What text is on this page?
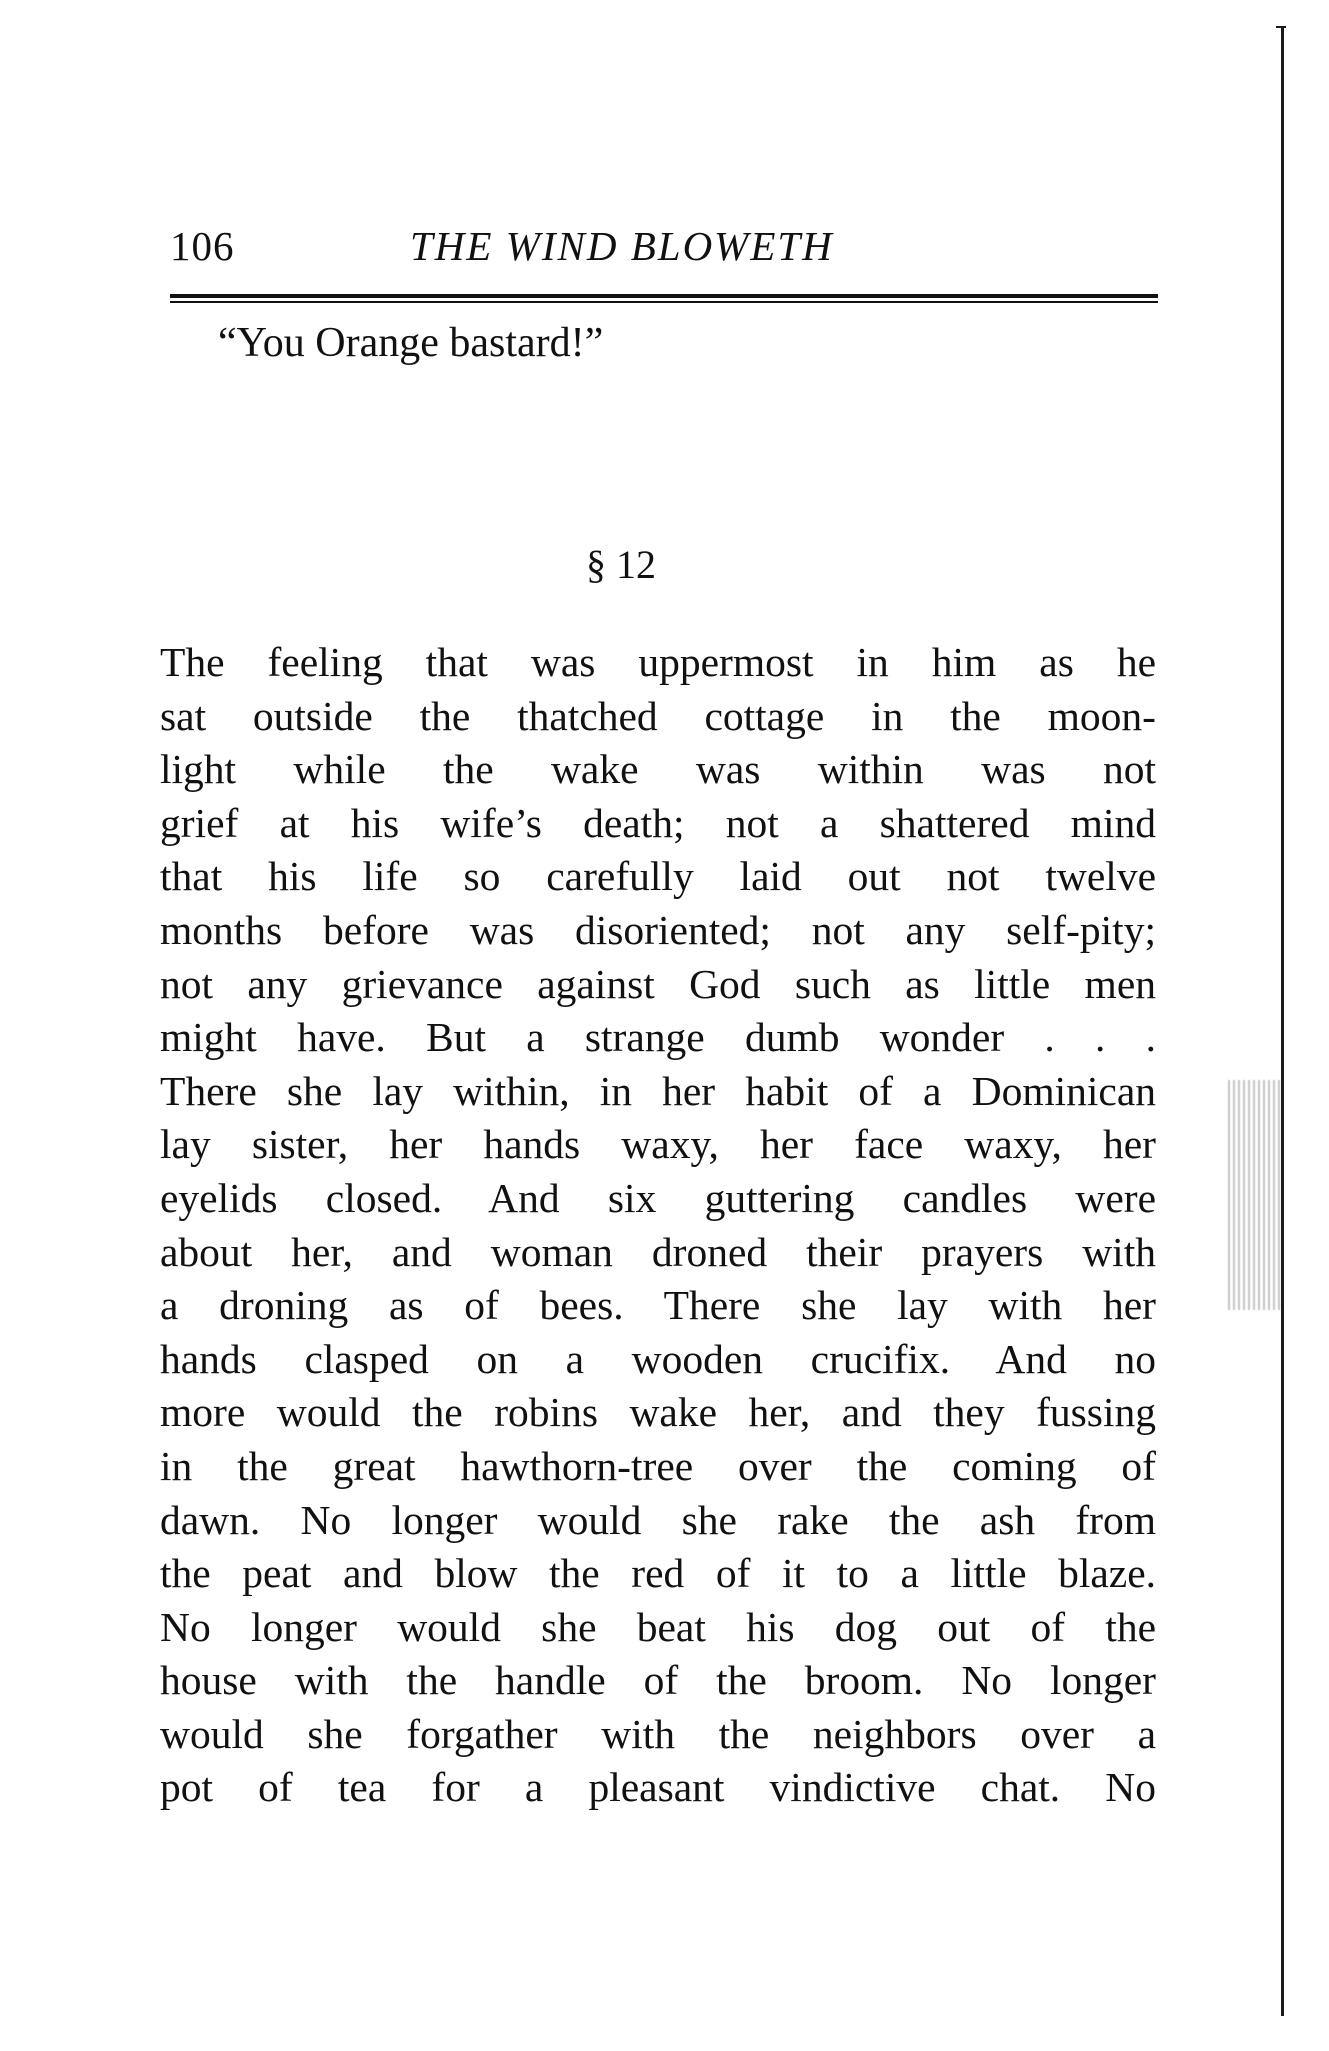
106	THE WIND BLOWETH
“You Orange bastard!”
§ 12
The feeling that was uppermost in him as he
sat outside the thatched cottage in the moon-
light while the wake was within was not
grief at his wife’s death; not a shattered mind
that his life so carefully laid out not twelve
months before was disoriented; not any self-pity;
not any grievance against God such as little men
might have. But a strange dumb wonder . . .
There she lay within, in her habit of a Dominican
lay sister, her hands waxy, her face waxy, her
eyelids closed. And six guttering candles were
about her, and woman droned their prayers with
a droning as of bees. There she lay with her
hands clasped on a wooden crucifix. And no
more would the robins wake her, and they fussing
in the great hawthorn-tree over the coming of
dawn. No longer would she rake the ash from
the peat and blow the red of it to a little blaze.
No longer would she beat his dog out of the
house with the handle of the broom. No longer
would she forgather with the neighbors over a
pot of tea for a pleasant vindictive chat. No
